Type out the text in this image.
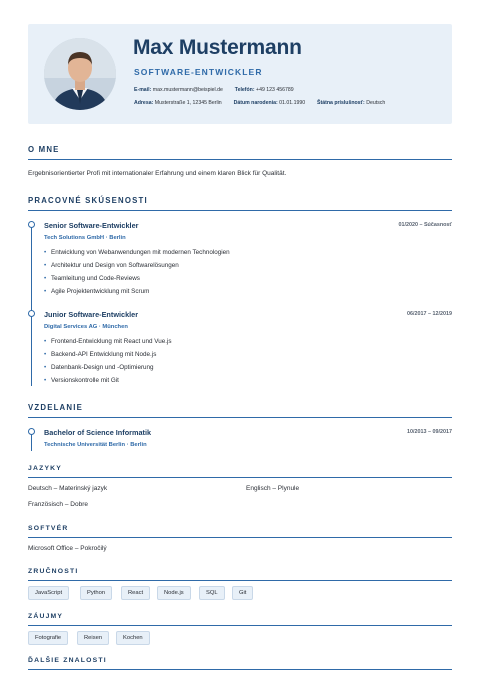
Max Mustermann
SOFTWARE-ENTWICKLER
E-mail: max.mustermann@beispiel.de Telefón: +49 123 456789
Adresa: Musterstraße 1, 12345 Berlin Dátum narodenia: 01.01.1990 Štátna príslušnosť: Deutsch
O MNE
Ergebnisorientierter Profi mit internationaler Erfahrung und einem klaren Blick für Qualität.
PRACOVNÉ SKÚSENOSTI
Senior Software-Entwickler	01/2020 – Súčasnosť
Tech Solutions GmbH · Berlin
• Entwicklung von Webanwendungen mit modernen Technologien
• Architektur und Design von Softwarelösungen
• Teamleitung und Code-Reviews
• Agile Projektentwicklung mit Scrum
Junior Software-Entwickler	06/2017 – 12/2019
Digital Services AG · München
• Frontend-Entwicklung mit React und Vue.js
• Backend-API Entwicklung mit Node.js
• Datenbank-Design und -Optimierung
• Versionskontrolle mit Git
VZDELANIE
Bachelor of Science Informatik	10/2013 – 09/2017
Technische Universität Berlin · Berlin
JAZYKY
Deutsch – Materinský jazyk	Englisch – Plynule
Französisch – Dobre
SOFTVÉR
Microsoft Office – Pokročilý
ZRUČNOSTI
JavaScript	Python	React	Node.js	SQL	Git
ZÁUJMY
Fotografie	Reisen	Kochen
ĎALŠIE ZNALOSTI
